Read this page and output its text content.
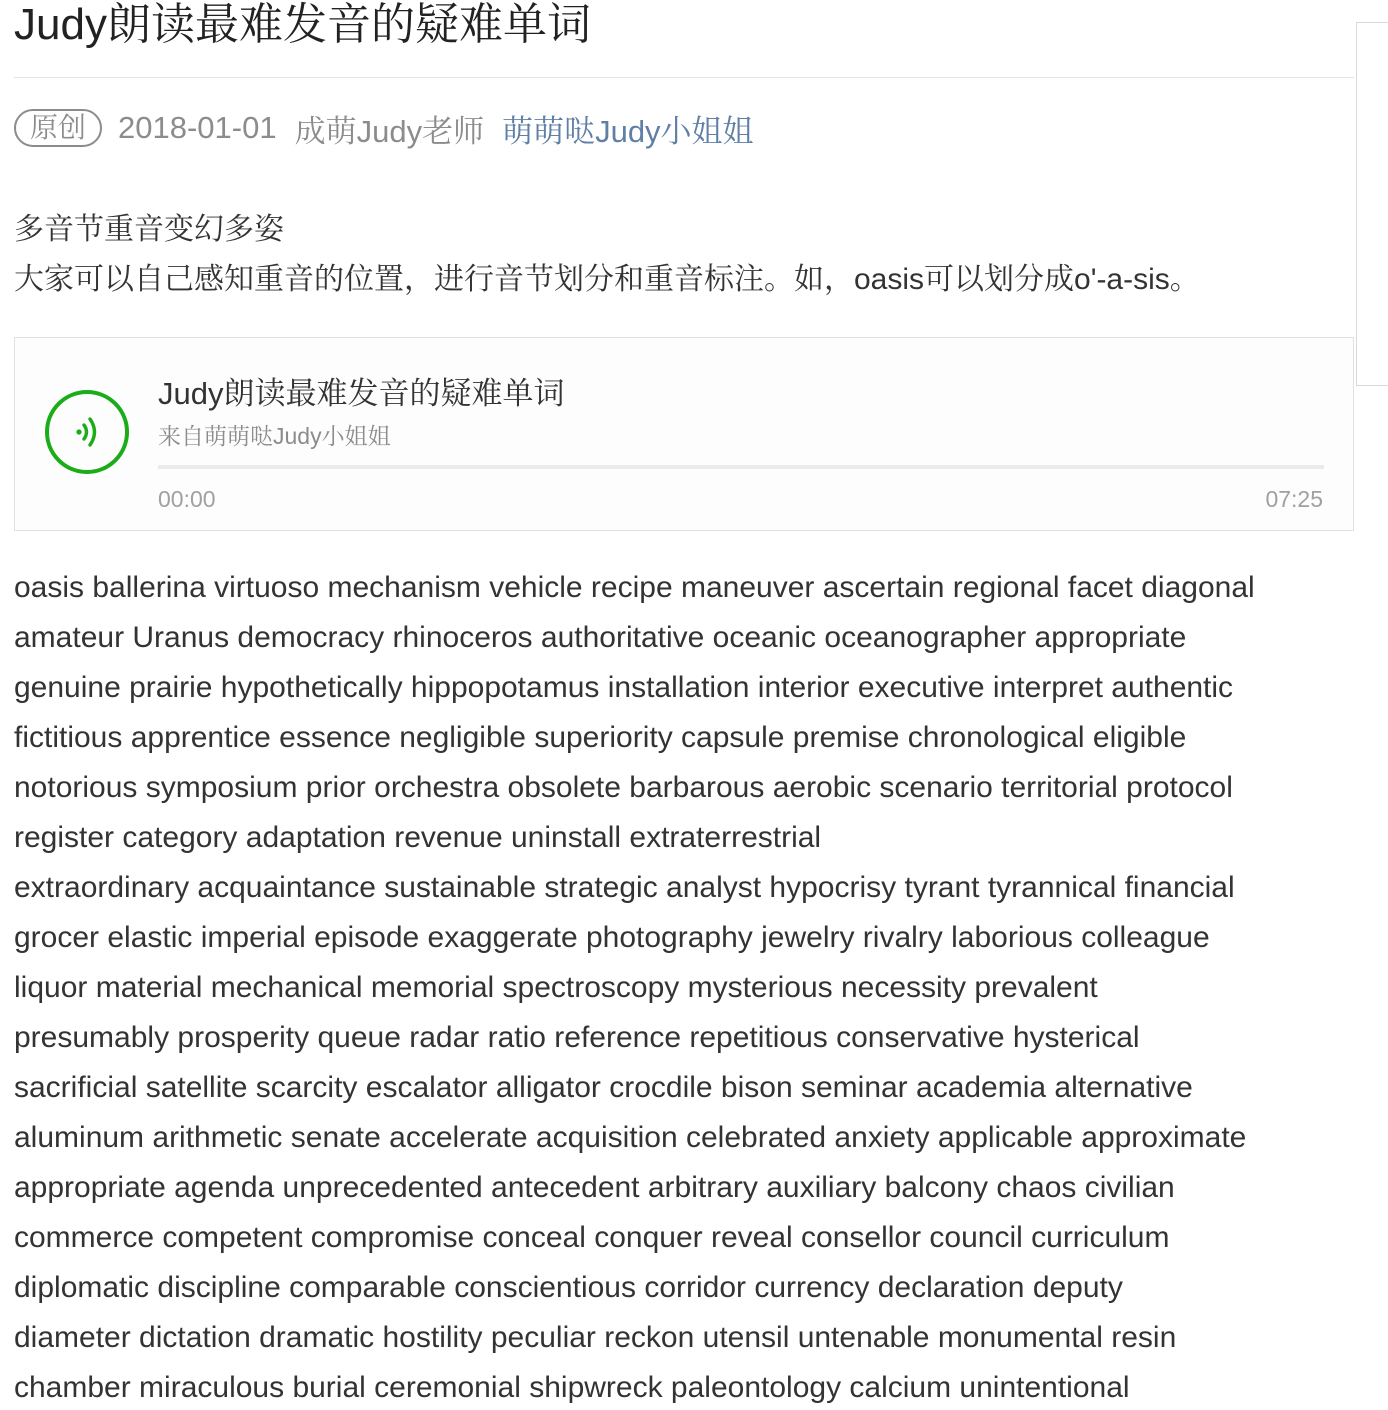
Judy朗读最难发音的疑难单词
原创	2018-01-01 成萌Judy老师 萌萌哒Judy小姐姐

多音节重音变幻多姿

大家可以自己感知重音的位置，进行音节划分和重音标注。如，oasis可以划分成o'-a-sis。

Judy朗读最难发音的疑难单词
来自萌萌哒Judy小姐姐
00:00	07:25
oasis ballerina virtuoso mechanism vehicle recipe maneuver ascertain regional facet diagonal
amateur Uranus democracy rhinoceros authoritative oceanic oceanographer appropriate
genuine prairie hypothetically hippopotamus installation interior executive interpret authentic
fictitious apprentice essence negligible superiority capsule premise chronological eligible
notorious symposium prior orchestra obsolete barbarous aerobic scenario territorial protocol
register category adaptation revenue uninstall extraterrestrial
extraordinary acquaintance sustainable strategic analyst hypocrisy tyrant tyrannical financial
grocer elastic imperial episode exaggerate photography jewelry rivalry laborious colleague
liquor material mechanical memorial spectroscopy mysterious necessity prevalent
presumably prosperity queue radar ratio reference repetitious conservative hysterical
sacrificial satellite scarcity escalator alligator crocdile bison seminar academia alternative
aluminum arithmetic senate accelerate acquisition celebrated anxiety applicable approximate
appropriate agenda unprecedented antecedent arbitrary auxiliary balcony chaos civilian
commerce competent compromise conceal conquer reveal consellor council curriculum
diplomatic discipline comparable conscientious corridor currency declaration deputy
diameter dictation dramatic hostility peculiar reckon utensil untenable monumental resin
chamber miraculous burial ceremonial shipwreck paleontology calcium unintentional
